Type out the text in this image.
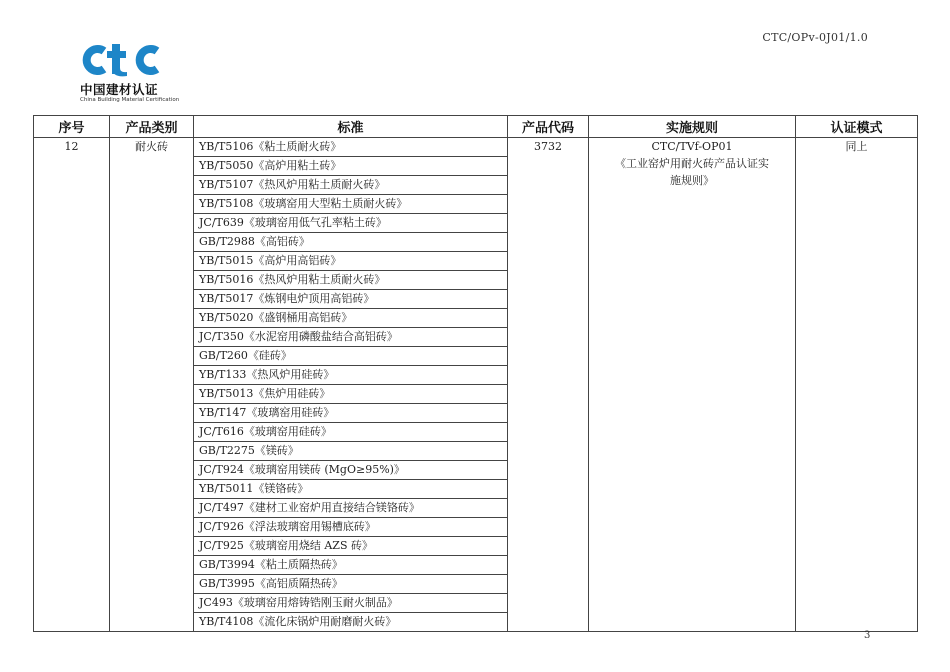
CTC/OPv-0J01/1.0
中国建材认证
China Building Material Certification
序号	产品类别	标准	产品代码	实施规则	认证模式
12	耐火砖	YB/T5106《粘土质耐火砖》	3732	CTC/TVf-OP01
《工业窑炉用耐火砖产品认证实
施规则》	同上
		YB/T5050《高炉用粘土砖》			
		YB/T5107《热风炉用粘土质耐火砖》			
		YB/T5108《玻璃窑用大型粘土质耐火砖》			
		JC/T639《玻璃窑用低气孔率粘土砖》			
		GB/T2988《高铝砖》			
		YB/T5015《高炉用高铝砖》			
		YB/T5016《热风炉用粘土质耐火砖》			
		YB/T5017《炼钢电炉顶用高铝砖》			
		YB/T5020《盛钢桶用高铝砖》			
		JC/T350《水泥窑用磷酸盐结合高铝砖》			
		GB/T260《硅砖》			
		YB/T133《热风炉用硅砖》			
		YB/T5013《焦炉用硅砖》			
		YB/T147《玻璃窑用硅砖》			
		JC/T616《玻璃窑用硅砖》			
		GB/T2275《镁砖》			
		JC/T924《玻璃窑用镁砖 (MgO≥95%)》			
		YB/T5011《镁铬砖》			
		JC/T497《建材工业窑炉用直接结合镁铬砖》			
		JC/T926《浮法玻璃窑用锡槽底砖》			
		JC/T925《玻璃窑用烧结 AZS 砖》			
		GB/T3994《粘土质隔热砖》			
		GB/T3995《高铝质隔热砖》			
		JC493《玻璃窑用熔铸锆刚玉耐火制品》			
		YB/T4108《流化床锅炉用耐磨耐火砖》			
3
